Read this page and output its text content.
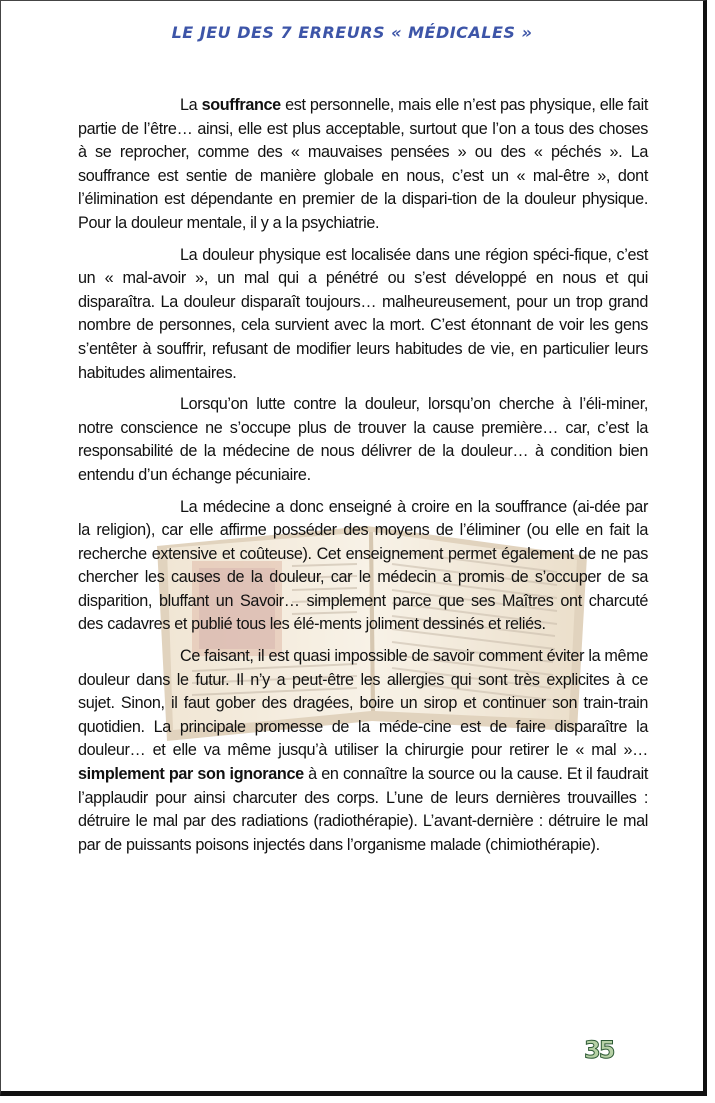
LE JEU DES 7 ERREURS « MÉDICALES »

La souffrance est personnelle, mais elle n’est pas physique, elle fait partie de l’être… ainsi, elle est plus acceptable, surtout que l’on a tous des choses à se reprocher, comme des « mauvaises pensées » ou des « péchés ». La souffrance est sentie de manière globale en nous, c’est un « mal-être », dont l’élimination est dépendante en premier de la dispari-tion de la douleur physique. Pour la douleur mentale, il y a la psychiatrie.

La douleur physique est localisée dans une région spéci-fique, c’est un « mal-avoir », un mal qui a pénétré ou s’est développé en nous et qui disparaîtra. La douleur disparaît toujours… malheureusement, pour un trop grand nombre de personnes, cela survient avec la mort. C’est étonnant de voir les gens s’entêter à souffrir, refusant de modifier leurs habitudes de vie, en particulier leurs habitudes alimentaires.

Lorsqu’on lutte contre la douleur, lorsqu’on cherche à l’éli-miner, notre conscience ne s’occupe plus de trouver la cause première… car, c’est la responsabilité de la médecine de nous délivrer de la douleur… à condition bien entendu d’un échange pécuniaire.

La médecine a donc enseigné à croire en la souffrance (ai-dée par la religion), car elle affirme posséder des moyens de l’éliminer (ou elle en fait la recherche extensive et coûteuse). Cet enseignement permet également de ne pas chercher les causes de la douleur, car le médecin a promis de s’occuper de sa disparition, bluffant un Savoir… simplement parce que ses Maîtres ont charcuté des cadavres et publié tous les élé-ments joliment dessinés et reliés.

Ce faisant, il est quasi impossible de savoir comment éviter la même douleur dans le futur. Il n’y a peut-être les allergies qui sont très explicites à ce sujet. Sinon, il faut gober des dragées, boire un sirop et continuer son train-train quotidien. La principale promesse de la méde-cine est de faire disparaître la douleur… et elle va même jusqu’à utiliser la chirurgie pour retirer le « mal »… simplement par son ignorance à en connaître la source ou la cause. Et il faudrait l’applaudir pour ainsi charcuter des corps. L’une de leurs dernières trouvailles : détruire le mal par des radiations (radiothérapie). L’avant-dernière : détruire le mal par de puissants poisons injectés dans l’organisme malade (chimiothérapie).

35
